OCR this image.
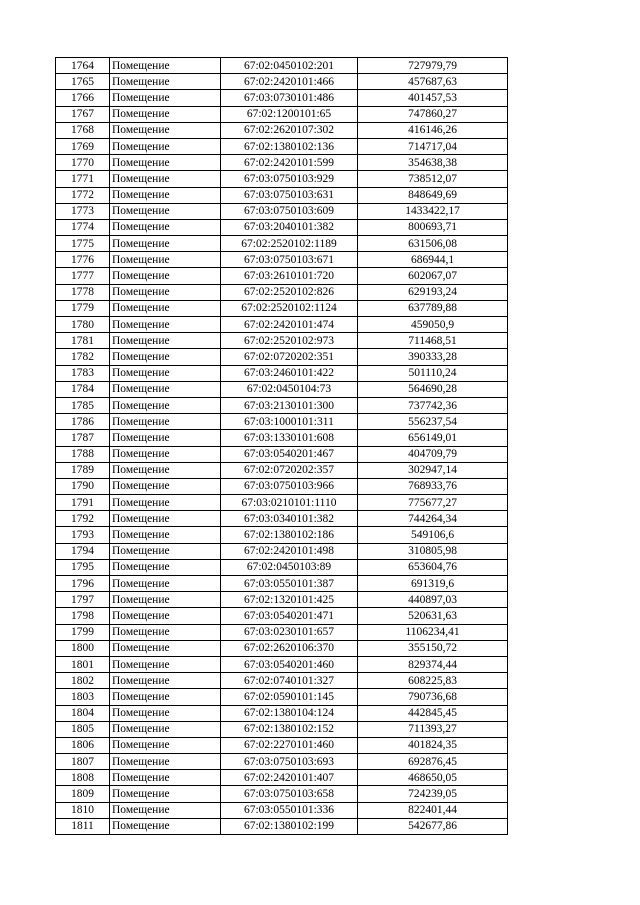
1764	Помещение	67:02:0450102:201	727979,79
1765	Помещение	67:02:2420101:466	457687,63
1766	Помещение	67:03:0730101:486	401457,53
1767	Помещение	67:02:1200101:65	747860,27
1768	Помещение	67:02:2620107:302	416146,26
1769	Помещение	67:02:1380102:136	714717,04
1770	Помещение	67:02:2420101:599	354638,38
1771	Помещение	67:03:0750103:929	738512,07
1772	Помещение	67:03:0750103:631	848649,69
1773	Помещение	67:03:0750103:609	1433422,17
1774	Помещение	67:03:2040101:382	800693,71
1775	Помещение	67:02:2520102:1189	631506,08
1776	Помещение	67:03:0750103:671	686944,1
1777	Помещение	67:03:2610101:720	602067,07
1778	Помещение	67:02:2520102:826	629193,24
1779	Помещение	67:02:2520102:1124	637789,88
1780	Помещение	67:02:2420101:474	459050,9
1781	Помещение	67:02:2520102:973	711468,51
1782	Помещение	67:02:0720202:351	390333,28
1783	Помещение	67:03:2460101:422	501110,24
1784	Помещение	67:02:0450104:73	564690,28
1785	Помещение	67:03:2130101:300	737742,36
1786	Помещение	67:03:1000101:311	556237,54
1787	Помещение	67:03:1330101:608	656149,01
1788	Помещение	67:03:0540201:467	404709,79
1789	Помещение	67:02:0720202:357	302947,14
1790	Помещение	67:03:0750103:966	768933,76
1791	Помещение	67:03:0210101:1110	775677,27
1792	Помещение	67:03:0340101:382	744264,34
1793	Помещение	67:02:1380102:186	549106,6
1794	Помещение	67:02:2420101:498	310805,98
1795	Помещение	67:02:0450103:89	653604,76
1796	Помещение	67:03:0550101:387	691319,6
1797	Помещение	67:02:1320101:425	440897,03
1798	Помещение	67:03:0540201:471	520631,63
1799	Помещение	67:03:0230101:657	1106234,41
1800	Помещение	67:02:2620106:370	355150,72
1801	Помещение	67:03:0540201:460	829374,44
1802	Помещение	67:02:0740101:327	608225,83
1803	Помещение	67:02:0590101:145	790736,68
1804	Помещение	67:02:1380104:124	442845,45
1805	Помещение	67:02:1380102:152	711393,27
1806	Помещение	67:02:2270101:460	401824,35
1807	Помещение	67:03:0750103:693	692876,45
1808	Помещение	67:02:2420101:407	468650,05
1809	Помещение	67:03:0750103:658	724239,05
1810	Помещение	67:03:0550101:336	822401,44
1811	Помещение	67:02:1380102:199	542677,86
